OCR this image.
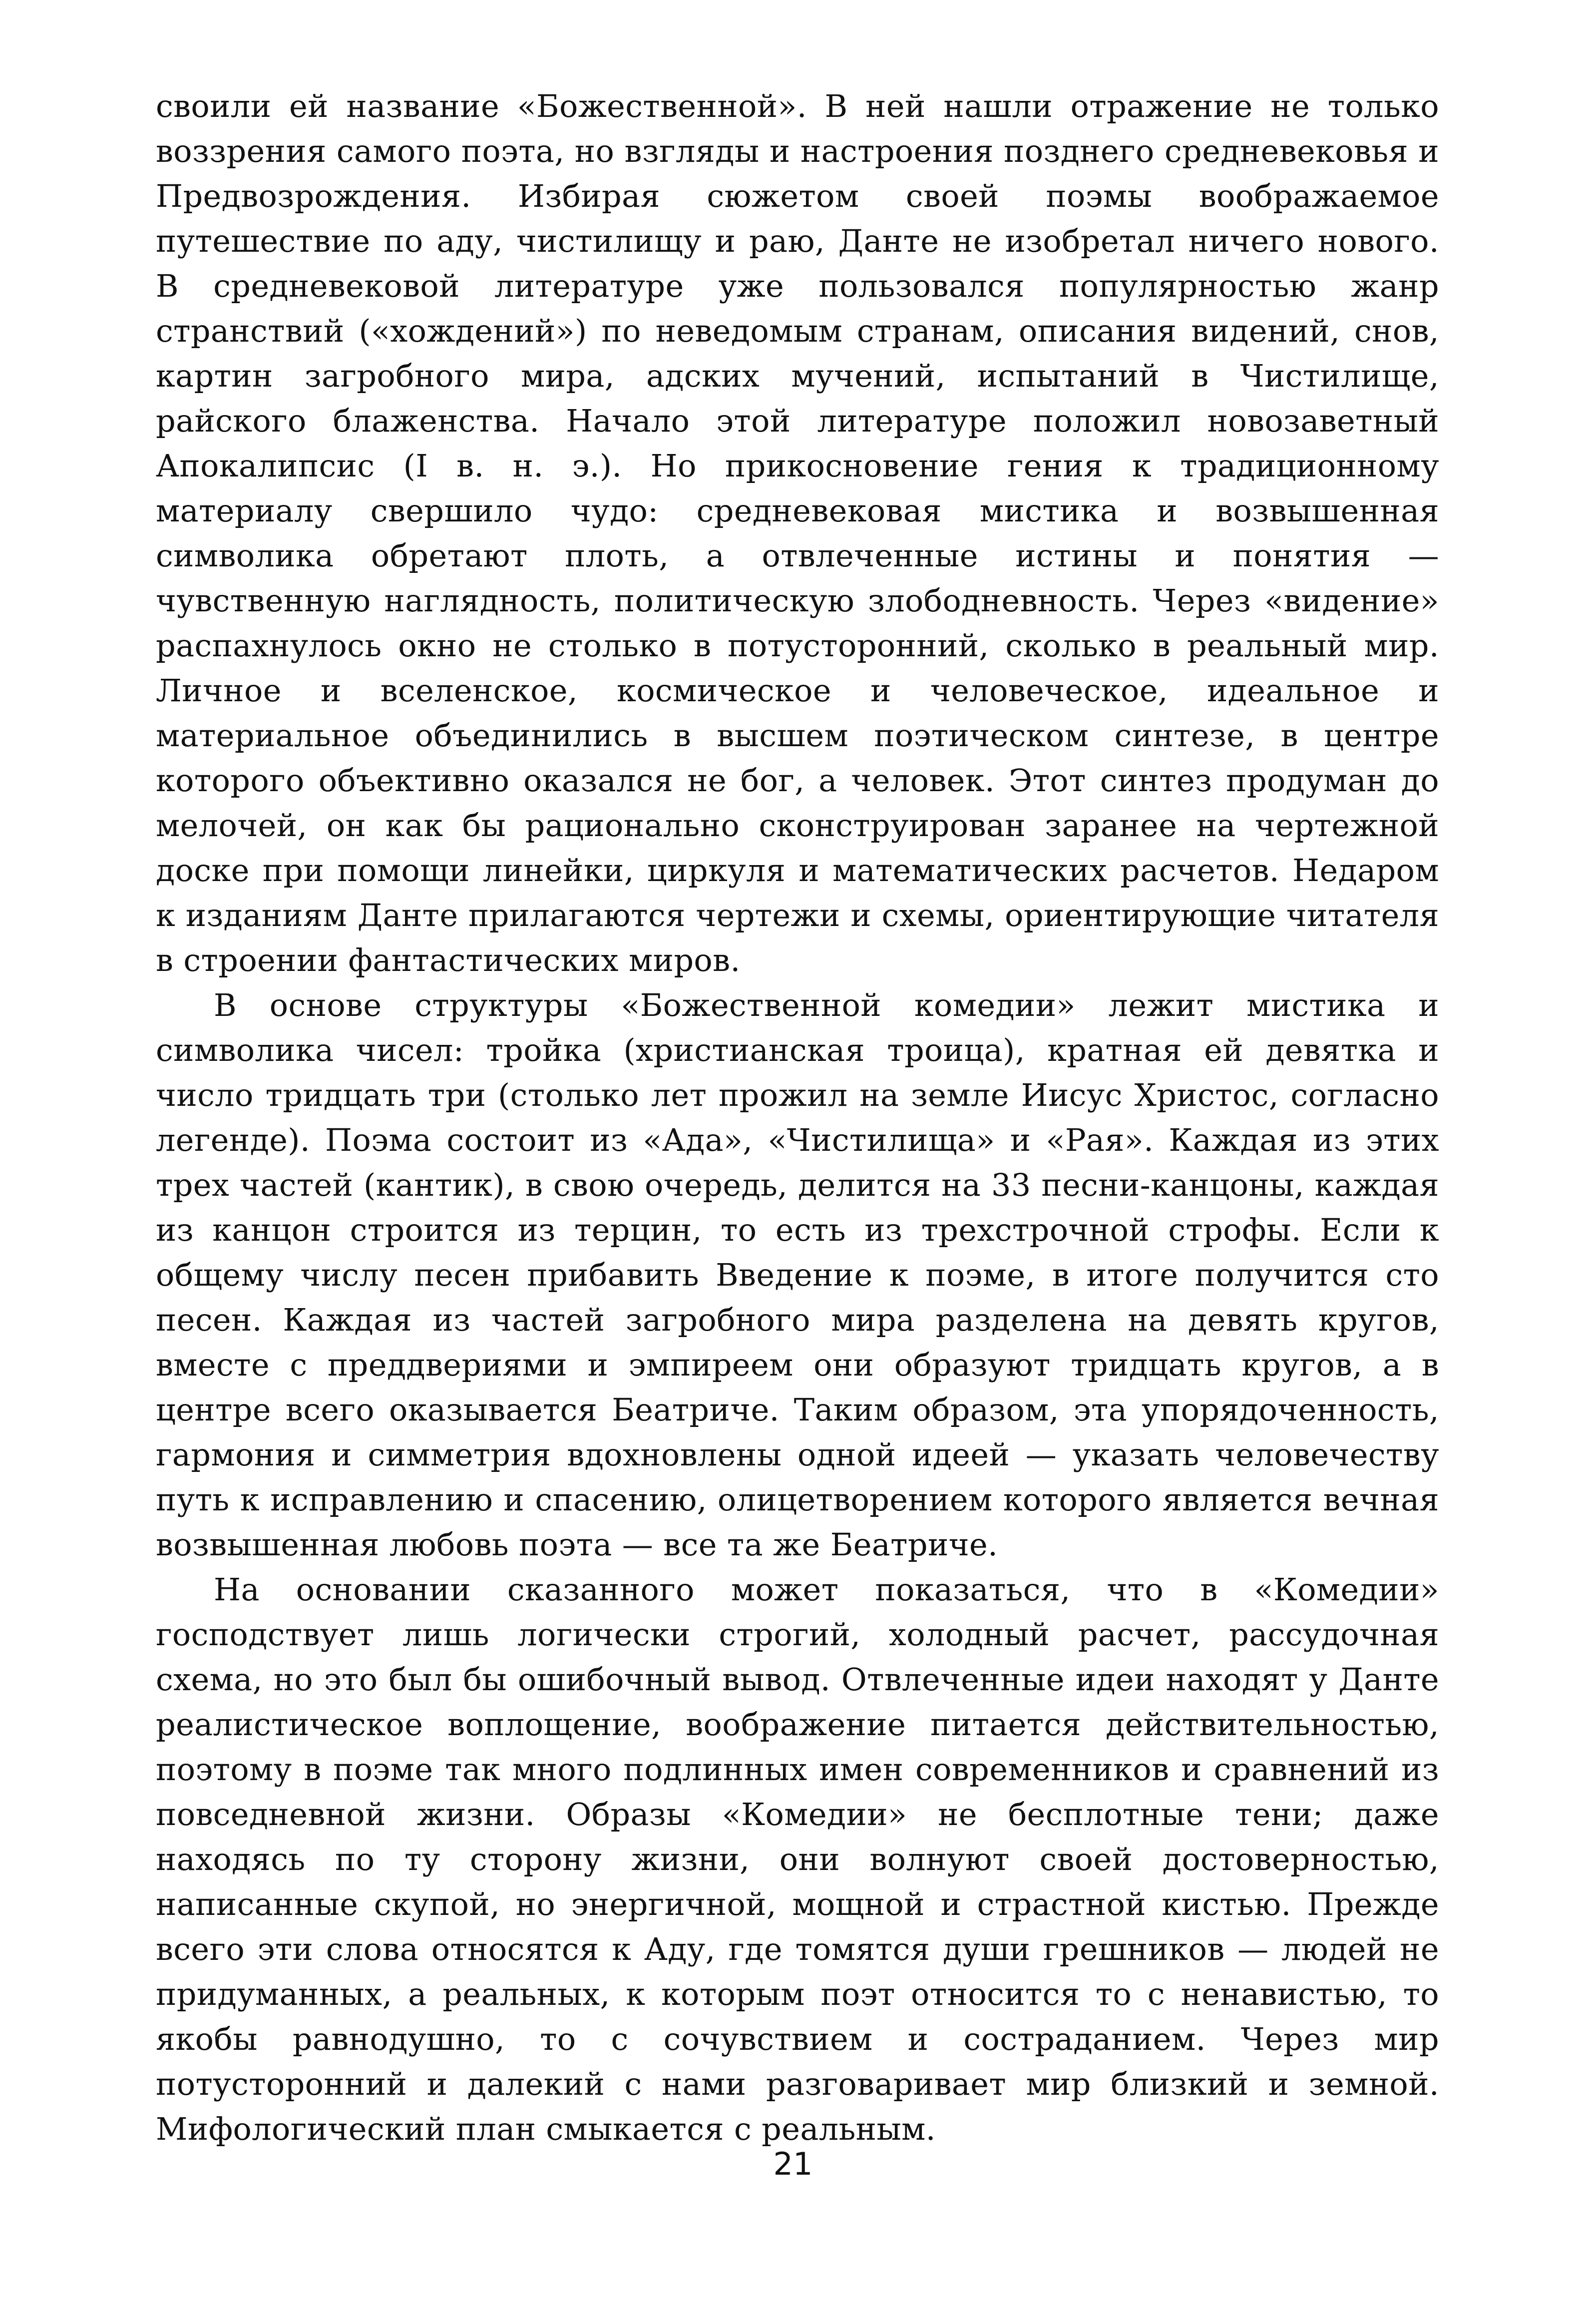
своили ей название «Божественной». В ней нашли отражение не только воззрения самого поэта, но взгляды и настроения позднего средневековья и Предвозрождения. Избирая сюжетом своей поэмы воображаемое путешествие по аду, чистилищу и раю, Данте не изобретал ничего нового. В средневековой литературе уже пользовался популярностью жанр странствий («хождений») по неведомым странам, описания видений, снов, картин загробного мира, адских мучений, испытаний в Чистилище, райского блаженства. Начало этой литературе положил новозаветный Апокалипсис (I в. н. э.). Но прикосновение гения к традиционному материалу свершило чудо: средневековая мистика и возвышенная символика обретают плоть, а отвлеченные истины и понятия — чувственную наглядность, политическую злободневность. Через «видение» распахнулось окно не столько в потусторонний, сколько в реальный мир. Личное и вселенское, космическое и человеческое, идеальное и материальное объединились в высшем поэтическом синтезе, в центре которого объективно оказался не бог, а человек. Этот синтез продуман до мелочей, он как бы рационально сконструирован заранее на чертежной доске при помощи линейки, циркуля и математических расчетов. Недаром к изданиям Данте прилагаются чертежи и схемы, ориентирующие читателя в строении фантастических миров.

В основе структуры «Божественной комедии» лежит мистика и символика чисел: тройка (христианская троица), кратная ей девятка и число тридцать три (столько лет прожил на земле Иисус Христос, согласно легенде). Поэма состоит из «Ада», «Чистилища» и «Рая». Каждая из этих трех частей (кантик), в свою очередь, делится на 33 песни-канцоны, каждая из канцон строится из терцин, то есть из трехстрочной строфы. Если к общему числу песен прибавить Введение к поэме, в итоге получится сто песен. Каждая из частей загробного мира разделена на девять кругов, вместе с преддвериями и эмпиреем они образуют тридцать кругов, а в центре всего оказывается Беатриче. Таким образом, эта упорядоченность, гармония и симметрия вдохновлены одной идеей — указать человечеству путь к исправлению и спасению, олицетворением которого является вечная возвышенная любовь поэта — все та же Беатриче.

На основании сказанного может показаться, что в «Комедии» господствует лишь логически строгий, холодный расчет, рассудочная схема, но это был бы ошибочный вывод. Отвлеченные идеи находят у Данте реалистическое воплощение, воображение питается действительностью, поэтому в поэме так много подлинных имен современников и сравнений из повседневной жизни. Образы «Комедии» не бесплотные тени; даже находясь по ту сторону жизни, они волнуют своей достоверностью, написанные скупой, но энергичной, мощной и страстной кистью. Прежде всего эти слова относятся к Аду, где томятся души грешников — людей не придуманных, а реальных, к которым поэт относится то с ненавистью, то якобы равнодушно, то с сочувствием и состраданием. Через мир потусторонний и далекий с нами разговаривает мир близкий и земной. Мифологический план смыкается с реальным.

21
